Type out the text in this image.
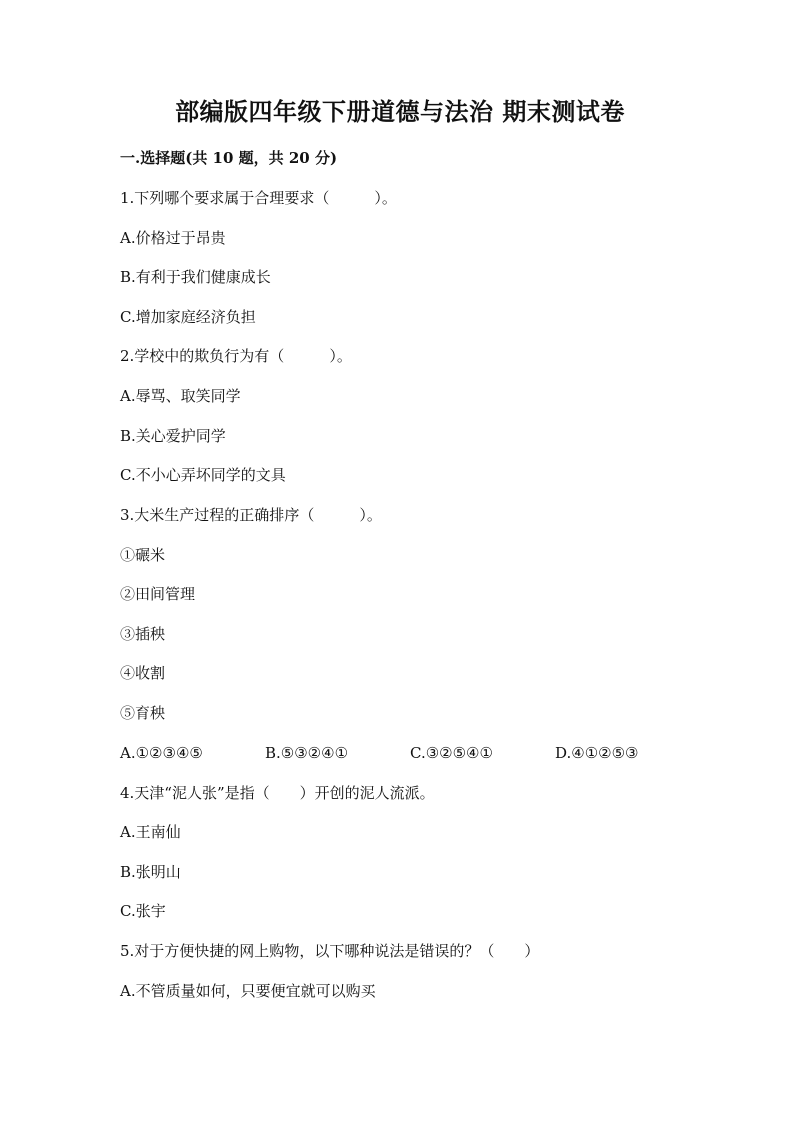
部编版四年级下册道德与法治 期末测试卷
一.选择题(共 10 题，共 20 分)
1.下列哪个要求属于合理要求（　　　）。
A.价格过于昂贵
B.有利于我们健康成长
C.增加家庭经济负担
2.学校中的欺负行为有（　　　）。
A.辱骂、取笑同学
B.关心爱护同学
C.不小心弄坏同学的文具
3.大米生产过程的正确排序（　　　）。
①碾米
②田间管理
③插秧
④收割
⑤育秧
A.①②③④⑤	B.⑤③②④①	C.③②⑤④①	D.④①②⑤③
4.天津“泥人张”是指（　　）开创的泥人流派。
A.王南仙
B.张明山
C.张宇
5.对于方便快捷的网上购物，以下哪种说法是错误的？（　　）
A.不管质量如何，只要便宜就可以购买
